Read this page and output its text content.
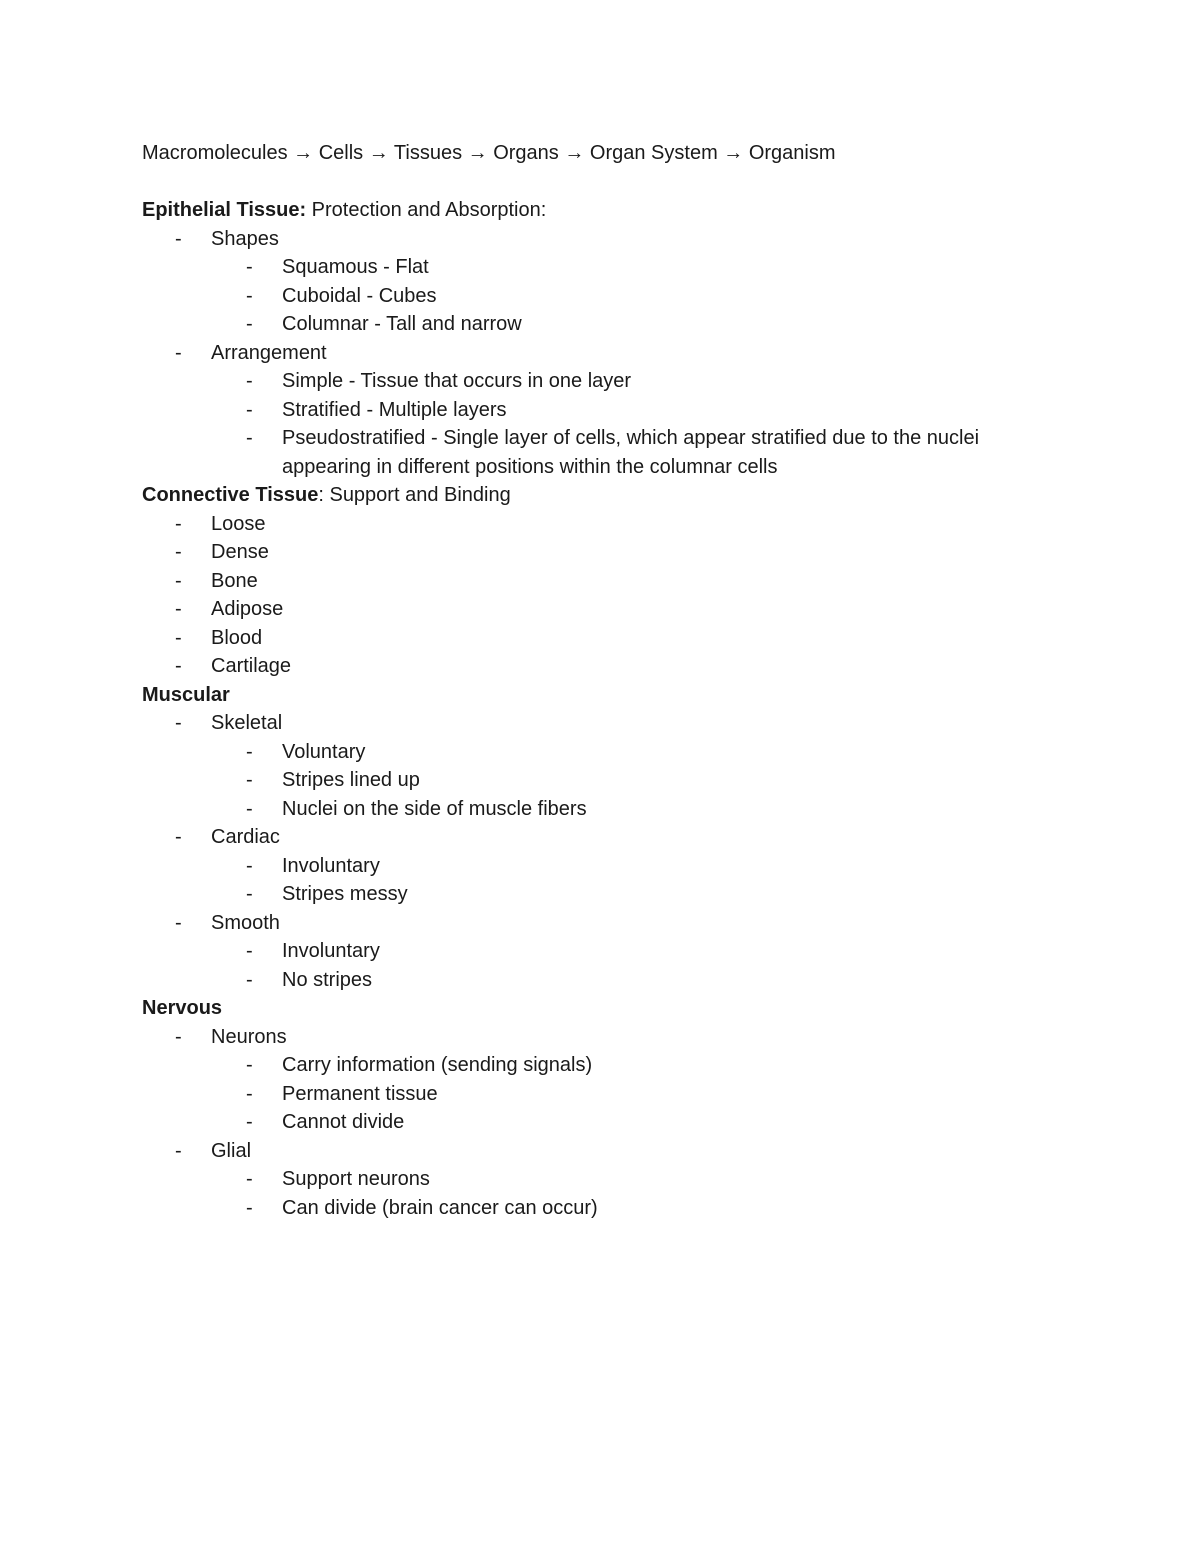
Macromolecules → Cells → Tissues → Organs → Organ System → Organism

Epithelial Tissue: Protection and Absorption:

- Shapes
- Squamous - Flat
- Cuboidal - Cubes
- Columnar - Tall and narrow
- Arrangement
- Simple - Tissue that occurs in one layer
- Stratified - Multiple layers
- Pseudostratified - Single layer of cells, which appear stratified due to the nuclei appearing in different positions within the columnar cells

Connective Tissue: Support and Binding

- Loose
- Dense
- Bone
- Adipose
- Blood
- Cartilage

Muscular

- Skeletal
- Voluntary
- Stripes lined up
- Nuclei on the side of muscle fibers
- Cardiac
- Involuntary
- Stripes messy
- Smooth
- Involuntary
- No stripes

Nervous

- Neurons
- Carry information (sending signals)
- Permanent tissue
- Cannot divide
- Glial
- Support neurons
- Can divide (brain cancer can occur)
